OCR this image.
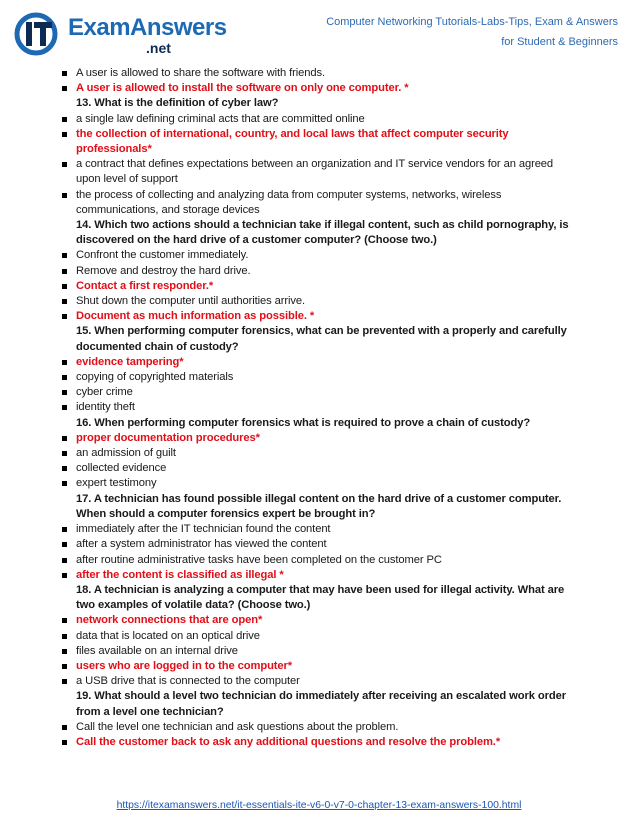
ExamAnswers
.net
Computer Networking Tutorials-Labs-Tips, Exam & Answers
for Student & Beginners
A user is allowed to share the software with friends.
A user is allowed to install the software on only one computer. *
13. What is the definition of cyber law?
a single law defining criminal acts that are committed online
the collection of international, country, and local laws that affect computer security professionals*
a contract that defines expectations between an organization and IT service vendors for an agreed upon level of support
the process of collecting and analyzing data from computer systems, networks, wireless communications, and storage devices
14. Which two actions should a technician take if illegal content, such as child pornography, is discovered on the hard drive of a customer computer? (Choose two.)
Confront the customer immediately.
Remove and destroy the hard drive.
Contact a first responder.*
Shut down the computer until authorities arrive.
Document as much information as possible. *
15. When performing computer forensics, what can be prevented with a properly and carefully documented chain of custody?
evidence tampering*
copying of copyrighted materials
cyber crime
identity theft
16. When performing computer forensics what is required to prove a chain of custody?
proper documentation procedures*
an admission of guilt
collected evidence
expert testimony
17. A technician has found possible illegal content on the hard drive of a customer computer. When should a computer forensics expert be brought in?
immediately after the IT technician found the content
after a system administrator has viewed the content
after routine administrative tasks have been completed on the customer PC
after the content is classified as illegal *
18. A technician is analyzing a computer that may have been used for illegal activity. What are two examples of volatile data? (Choose two.)
network connections that are open*
data that is located on an optical drive
files available on an internal drive
users who are logged in to the computer*
a USB drive that is connected to the computer
19. What should a level two technician do immediately after receiving an escalated work order from a level one technician?
Call the level one technician and ask questions about the problem.
Call the customer back to ask any additional questions and resolve the problem.*
https://itexamanswers.net/it-essentials-ite-v6-0-v7-0-chapter-13-exam-answers-100.html
